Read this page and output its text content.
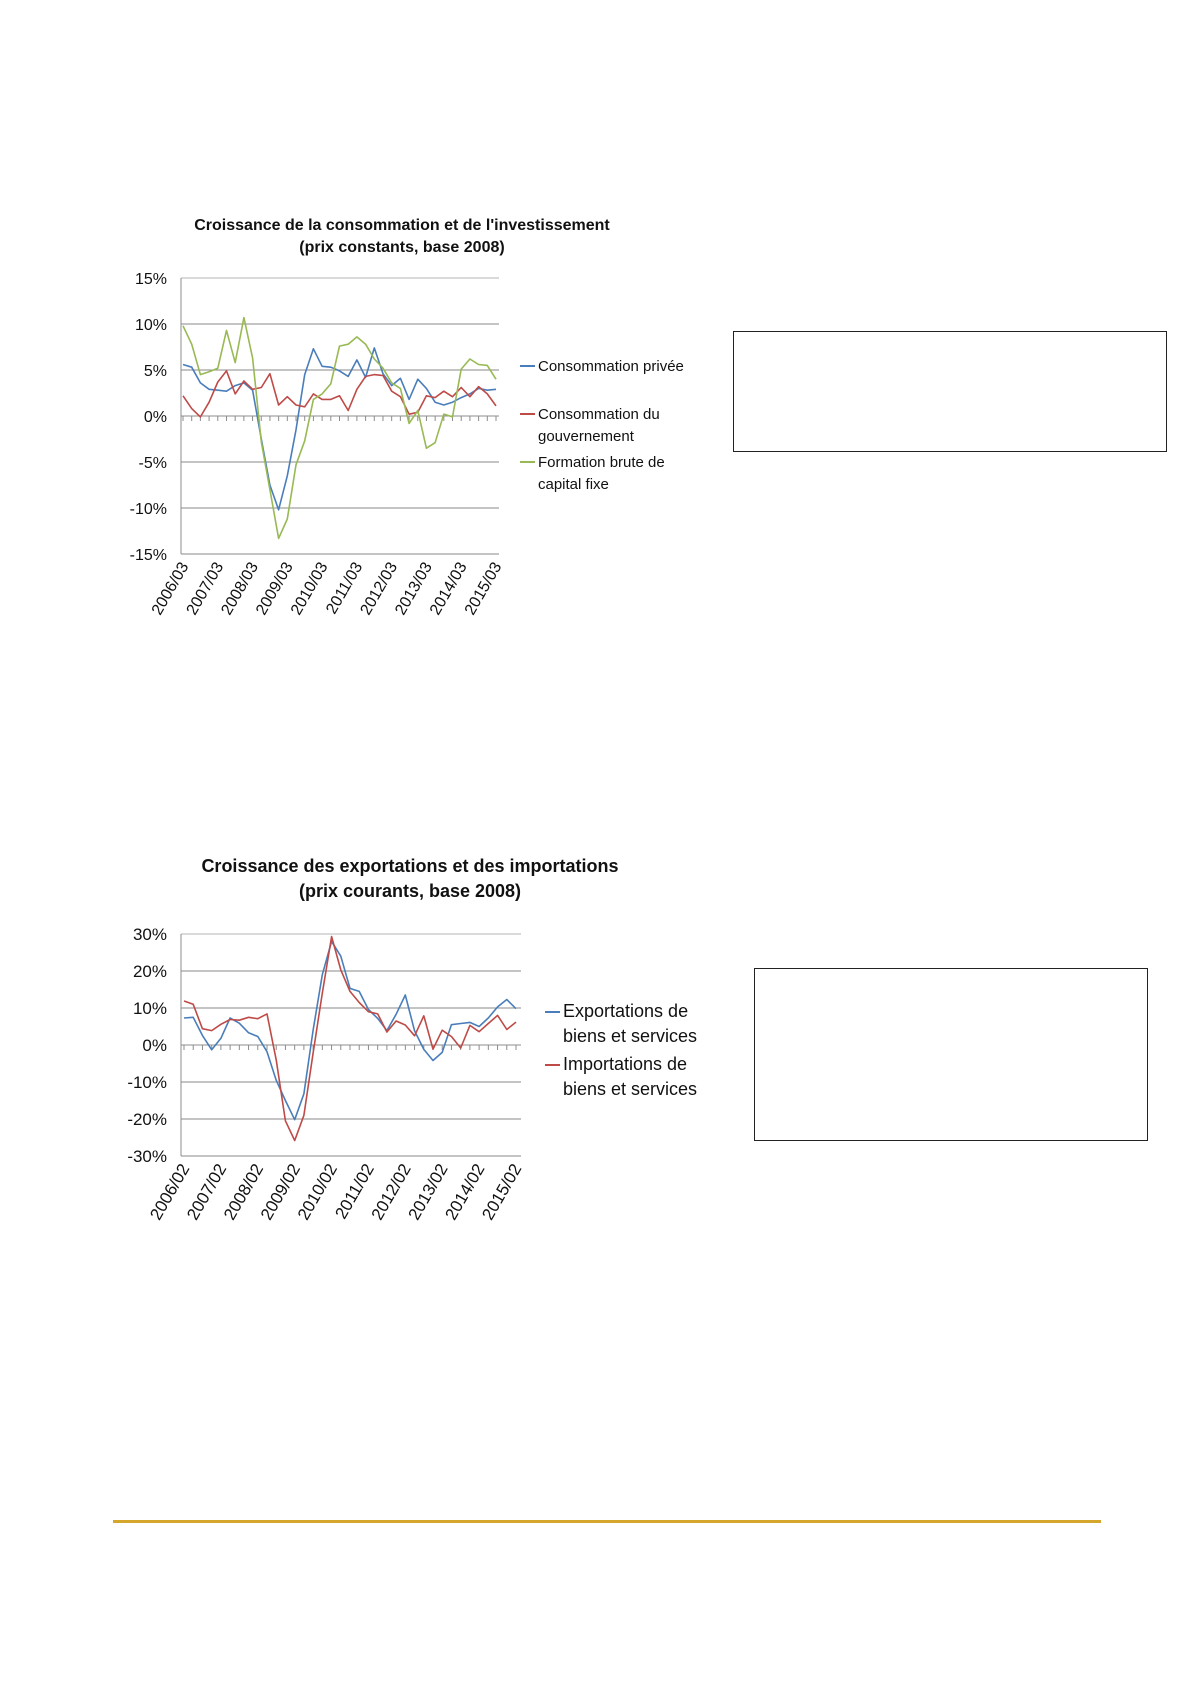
Croissance de la consommation et de l'investissement
(prix constants, base 2008)
15%
10%
5%
0%
-5%
-10%
-15%
2006/03
2007/03
2008/03
2009/03
2010/03
2011/03
2012/03
2013/03
2014/03
2015/03
Consommation privée
Consommation du
gouvernement
Formation brute de
capital fixe
Croissance des exportations et des importations
(prix courants, base 2008)
30%
20%
10%
0%
-10%
-20%
-30%
2006/02
2007/02
2008/02
2009/02
2010/02
2011/02
2012/02
2013/02
2014/02
2015/02
Exportations de
biens et services
Importations de
biens et services
